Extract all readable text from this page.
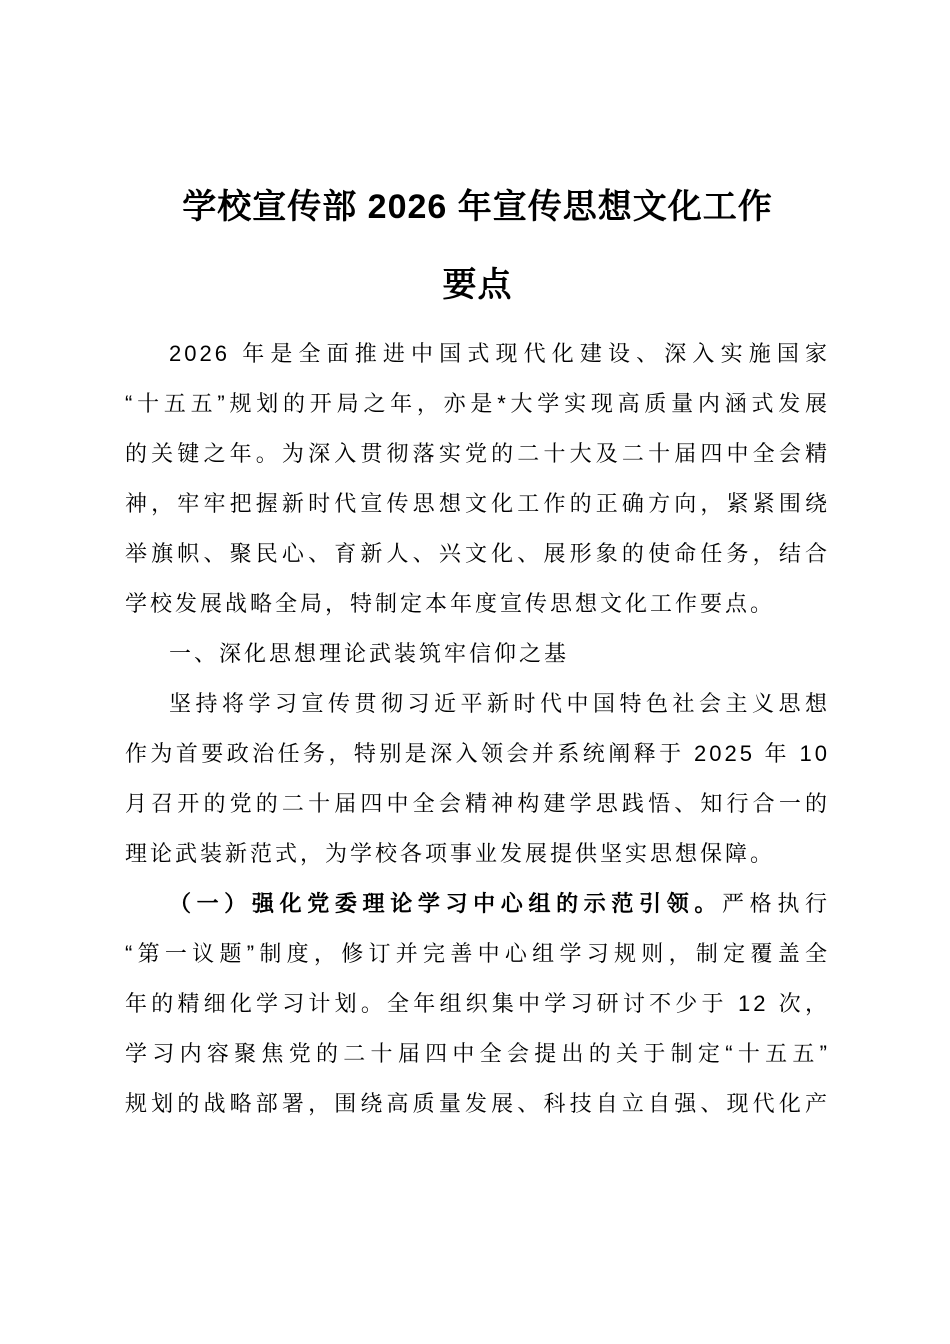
学校宣传部 2026 年宣传思想文化工作
要点
2026 年是全面推进中国式现代化建设、深入实施国家
“十五五”规划的开局之年，亦是*大学实现高质量内涵式发展
的关键之年。为深入贯彻落实党的二十大及二十届四中全会精
神，牢牢把握新时代宣传思想文化工作的正确方向，紧紧围绕
举旗帜、聚民心、育新人、兴文化、展形象的使命任务，结合
学校发展战略全局，特制定本年度宣传思想文化工作要点。
一、深化思想理论武装筑牢信仰之基
坚持将学习宣传贯彻习近平新时代中国特色社会主义思想
作为首要政治任务，特别是深入领会并系统阐释于 2025 年 10
月召开的党的二十届四中全会精神构建学思践悟、知行合一的
理论武装新范式，为学校各项事业发展提供坚实思想保障。
（一）强化党委理论学习中心组的示范引领。严格执行
“第一议题”制度，修订并完善中心组学习规则，制定覆盖全
年的精细化学习计划。全年组织集中学习研讨不少于 12 次，
学习内容聚焦党的二十届四中全会提出的关于制定“十五五”
规划的战略部署，围绕高质量发展、科技自立自强、现代化产
